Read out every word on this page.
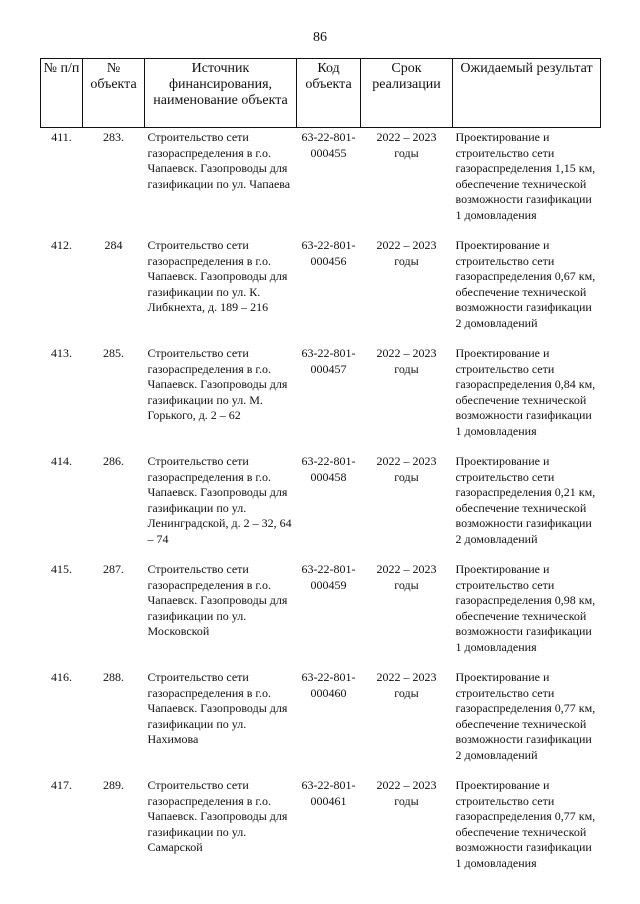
86
№ п/п	№ объекта	Источник финансирования, наименование объекта	Код объекта	Срок реализации	Ожидаемый результат
411.	283.	Строительство сети газораспределения в г.о. Чапаевск. Газопроводы для газификации по ул. Чапаева	63-22-801-000455	2022 – 2023 годы	Проектирование и строительство сети газораспределения 1,15 км, обеспечение технической возможности газификации 1 домовладения
412.	284	Строительство сети газораспределения в г.о. Чапаевск. Газопроводы для газификации по ул. К. Либкнехта, д. 189 – 216	63-22-801-000456	2022 – 2023 годы	Проектирование и строительство сети газораспределения 0,67 км, обеспечение технической возможности газификации 2 домовладений
413.	285.	Строительство сети газораспределения в г.о. Чапаевск. Газопроводы для газификации по ул. М. Горького, д. 2 – 62	63-22-801-000457	2022 – 2023 годы	Проектирование и строительство сети газораспределения 0,84 км, обеспечение технической возможности газификации 1 домовладения
414.	286.	Строительство сети газораспределения в г.о. Чапаевск. Газопроводы для газификации по ул. Ленинградской, д. 2 – 32, 64 – 74	63-22-801-000458	2022 – 2023 годы	Проектирование и строительство сети газораспределения 0,21 км, обеспечение технической возможности газификации 2 домовладений
415.	287.	Строительство сети газораспределения в г.о. Чапаевск. Газопроводы для газификации по ул. Московской	63-22-801-000459	2022 – 2023 годы	Проектирование и строительство сети газораспределения 0,98 км, обеспечение технической возможности газификации 1 домовладения
416.	288.	Строительство сети газораспределения в г.о. Чапаевск. Газопроводы для газификации по ул. Нахимова	63-22-801-000460	2022 – 2023 годы	Проектирование и строительство сети газораспределения 0,77 км, обеспечение технической возможности газификации 2 домовладений
417.	289.	Строительство сети газораспределения в г.о. Чапаевск. Газопроводы для газификации по ул. Самарской	63-22-801-000461	2022 – 2023 годы	Проектирование и строительство сети газораспределения 0,77 км, обеспечение технической возможности газификации 1 домовладения
